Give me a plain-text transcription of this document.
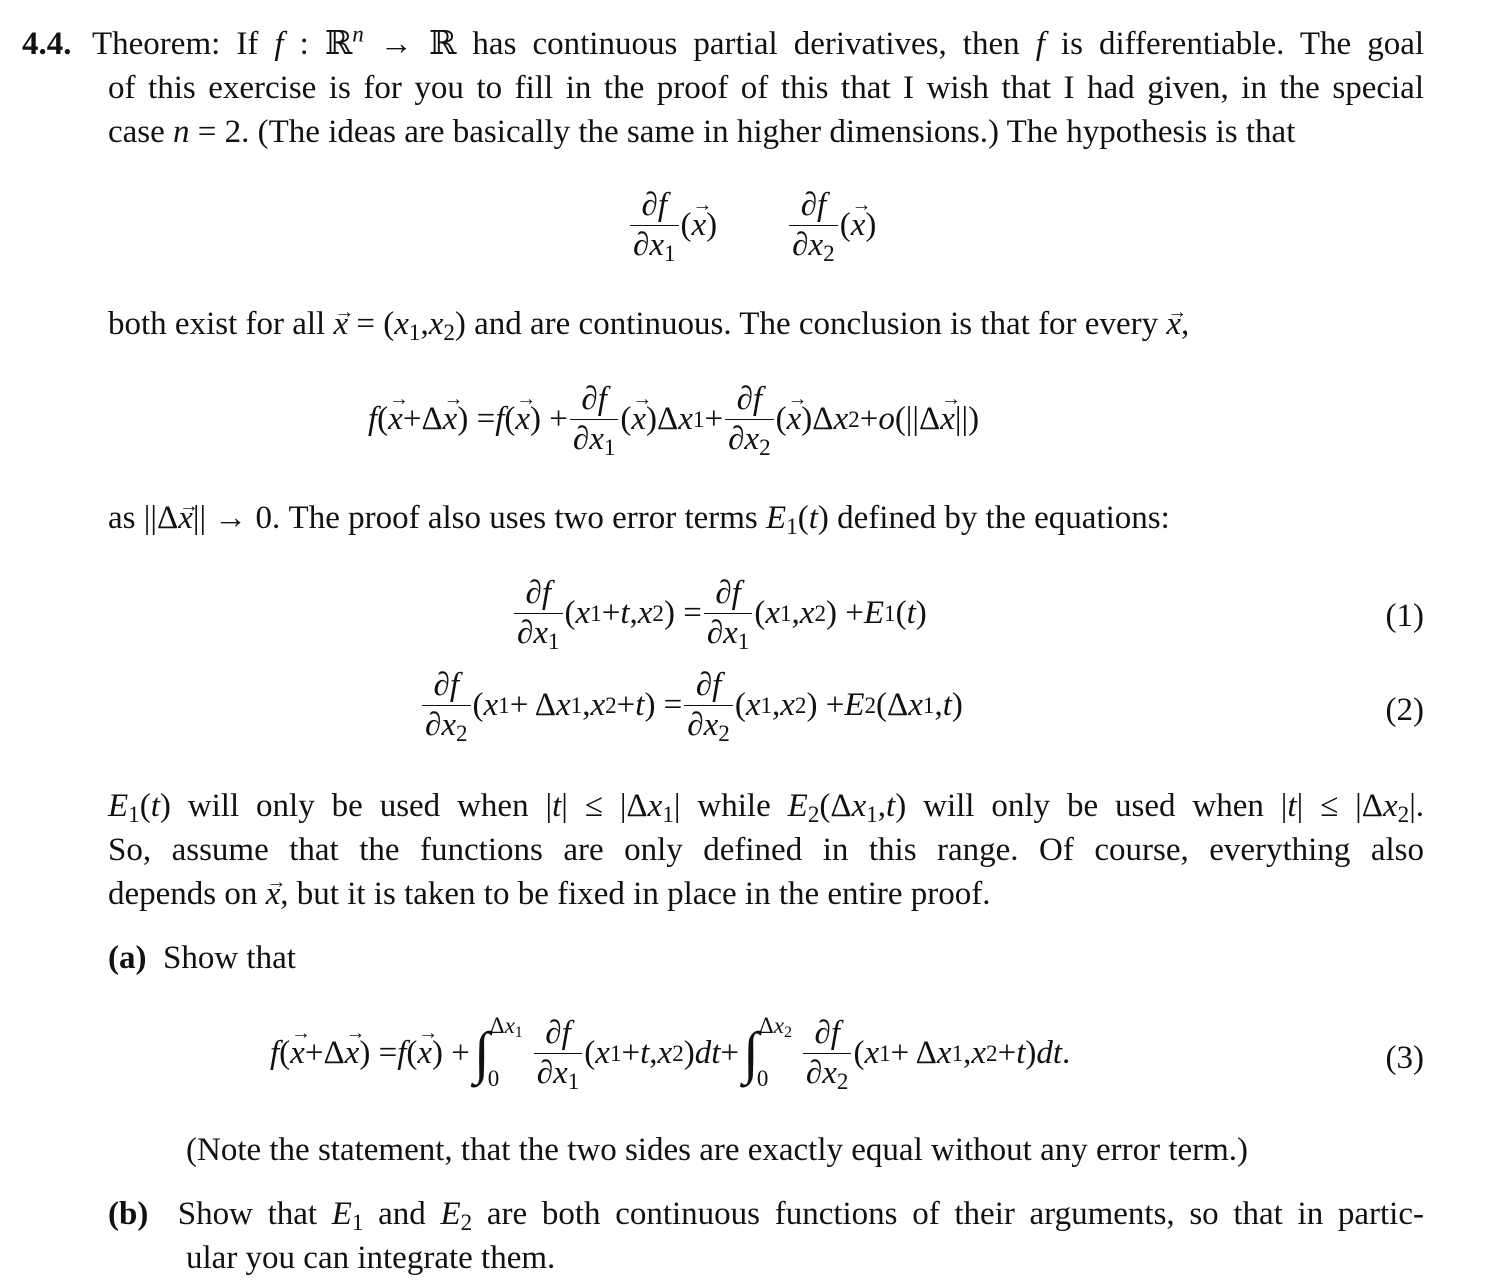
4.4. Theorem: If f : ℝ$^n$ → ℝ has continuous partial derivatives, then f is differentiable. The goal
of this exercise is for you to fill in the proof of this that I wish that I had given, in the special
case n = 2. (The ideas are basically the same in higher dimensions.) The hypothesis is that
$\frac{\partial f}{\partial x_1}$ ( x → ) $\frac{\partial f}{\partial x_2}$ ( x → )
both exist for all x → = $(x_1,x_2)$ and are continuous. The conclusion is that for every x →,
f ( x → +Δ x → ) = f ( x → ) + $\frac{\partial f}{\partial x_1}$ ( x → )Δ x $1 + \frac{\partial f}{\partial x_2}$ ( x → )Δ x 2 + o (||Δ x → ||)
as ||Δx →|| → 0. The proof also uses two error terms $E_1(t)$ defined by the equations:
$\frac{\partial f}{\partial x_1}$ ( x 1 + t , x 2 ) = $\frac{\partial f}{\partial x_1}$ ( x 1 , x 2 ) + E 1 ( t )	(1)
$\frac{\partial f}{\partial x_2}$ ( x 1 + Δ x 1 , x 2 + t ) = $\frac{\partial f}{\partial x_2}$ ( x 1 , x 2 ) + E 2 (Δ x 1 , t )	(2)
$E_1(t)$ will only be used when $|t| \le |\Delta x_1|$ while $E_2(\Delta x_1,t)$ will only be used when $|t| \le |\Delta x_2|$.
So, assume that the functions are only defined in this range. Of course, everything also
depends on x →, but it is taken to be fixed in place in the entire proof.
(a) Show that
f ( x → +Δ x → ) = f ( x → ) + ∫ $\Delta x_1$
$0 \frac{\partial f}{\partial x_1}$ ( x 1 + t , x 2 ) dt + ∫ $\Delta x_2$
$0 \frac{\partial f}{\partial x_2}$ ( x 1 + Δ x 1 , x 2 + t ) dt .	(3)
(Note the statement, that the two sides are exactly equal without any error term.)
(b)  Show that $E_1$ and $E_2$ are both continuous functions of their arguments, so that in partic-
ular you can integrate them.
